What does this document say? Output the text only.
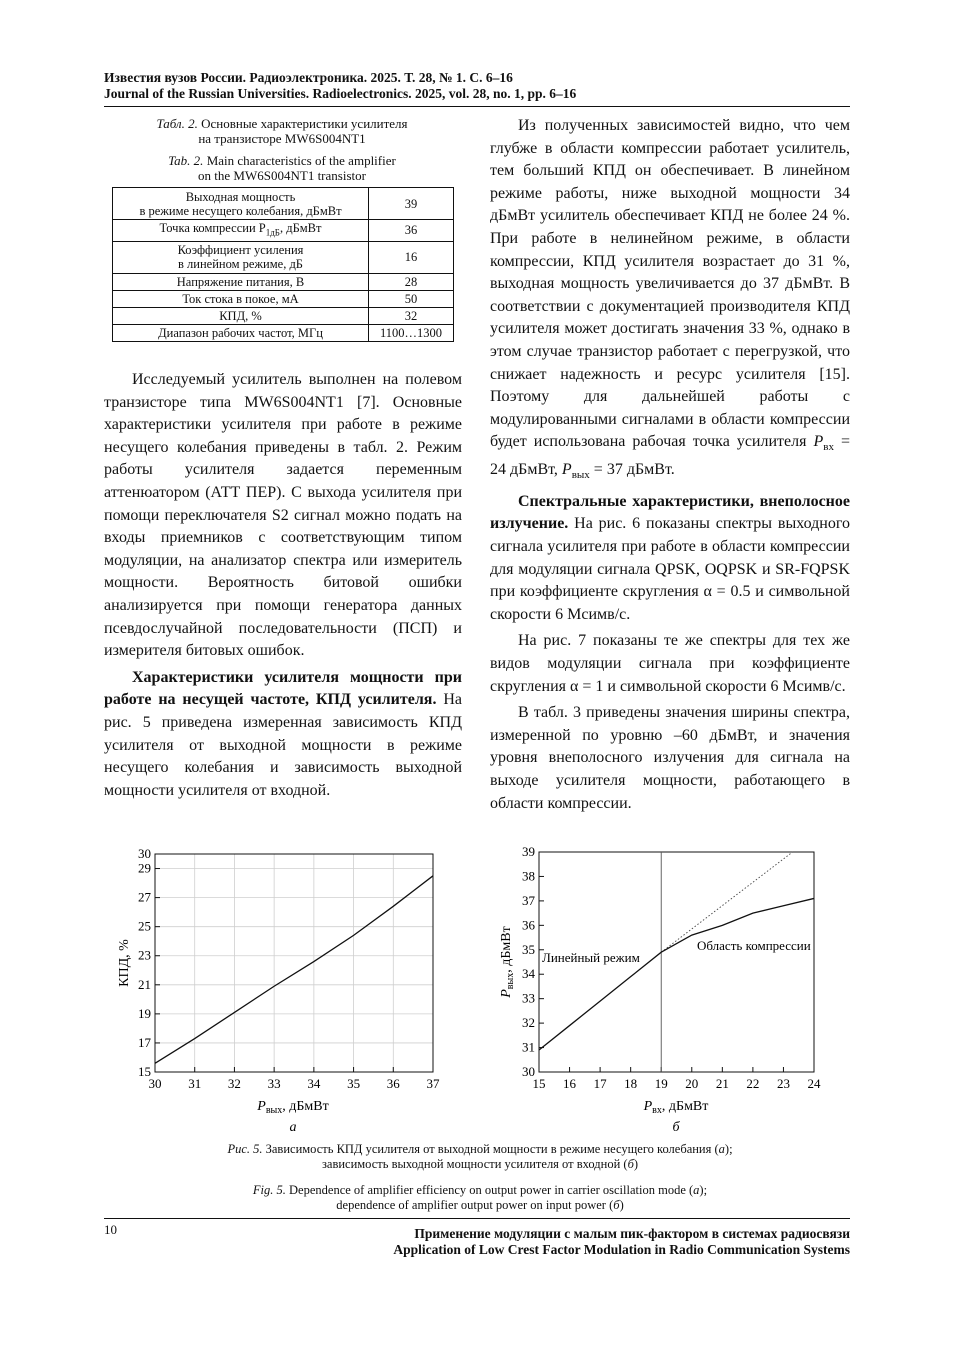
Известия вузов России. Радиоэлектроника. 2025. Т. 28, № 1. С. 6–16
Journal of the Russian Universities. Radioelectronics. 2025, vol. 28, no. 1, pp. 6–16
Табл. 2. Основные характеристики усилителя
на транзисторе MW6S004NT1
Tab. 2. Main characteristics of the amplifier
on the MW6S004NT1 transistor
Выходная мощность
в режиме несущего колебания, дБмВт	39
Точка компрессии $P_{1дБ}$, дБмВт	36
Коэффициент усиления
в линейном режиме, дБ	16
Напряжение питания, В	28
Ток стока в покое, мА	50
КПД, %	32
Диапазон рабочих частот, МГц	1100…1300

Исследуемый усилитель выполнен на полевом транзисторе типа MW6S004NT1 [7]. Основные характеристики усилителя при работе в режиме несущего колебания приведены в табл. 2. Режим работы усилителя задается переменным аттенюатором (АТТ ПЕР). С выхода усилителя при помощи переключателя S2 сигнал можно подать на входы приемников с соответствующим типом модуляции, на анализатор спектра или измеритель мощности. Вероятность битовой ошибки анализируется при помощи генератора данных псевдослучайной последовательности (ПСП) и измерителя битовых ошибок.

Характеристики усилителя мощности при работе на несущей частоте, КПД усилителя. На рис. 5 приведена измеренная зависимость КПД усилителя от выходной мощности в режиме несущего колебания и зависимость выходной мощности усилителя от входной.

Из полученных зависимостей видно, что чем глубже в области компрессии работает усилитель, тем больший КПД он обеспечивает. В линейном режиме работы, ниже выходной мощности 34 дБмВт усилитель обеспечивает КПД не более 24 %. При работе в нелинейном режиме, в области компрессии, КПД усилителя возрастает до 31 %, выходная мощность увеличивается до 37 дБмВт. В соответствии с документацией производителя КПД усилителя может достигать значения 33 %, однако в этом случае транзистор работает с перегрузкой, что снижает надежность и ресурс усилителя [15]. Поэтому для дальнейшей работы с модулированными сигналами в области компрессии будет использована рабочая точка усилителя $P_{вх} = 24$ дБмВт, $P_{вых} = 37$ дБмВт.

Спектральные характеристики, внеполосное излучение. На рис. 6 показаны спектры выходного сигнала усилителя при работе в области компрессии для модуляции сигнала QPSK, OQPSK и SR-FQPSK при коэффициенте скругления α = 0.5 и символьной скорости 6 Мсимв/с.

На рис. 7 показаны те же спектры для тех же видов модуляции сигнала при коэффициенте скругления α = 1 и символьной скорости 6 Мсимв/с.

В табл. 3 приведены значения ширины спектра, измеренной по уровню –60 дБмВт, и значения уровня внеполосного излучения для сигнала на выходе усилителя мощности, работающего в области компрессии.

30 31 32 33 34 35 36 37
15
17
19
21
23
25
27
29
30
$P_{вых}$, дБмВт
КПД, %
а
15 16 17 18 19 20 21 22 23 24
30
31
32
33
34
35
36
37
38
39
Линейный режим
Область компрессии
$P_{вх}$, дБмВт
$P_{вых}$, дБмВт
б
Рис. 5. Зависимость КПД усилителя от выходной мощности в режиме несущего колебания (а);
зависимость выходной мощности усилителя от входной (б)
Fig. 5. Dependence of amplifier efficiency on output power in carrier oscillation mode (a);
dependence of amplifier output power on input power (б)
10	Применение модуляции с малым пик-фактором в системах радиосвязи
Application of Low Crest Factor Modulation in Radio Communication Systems
